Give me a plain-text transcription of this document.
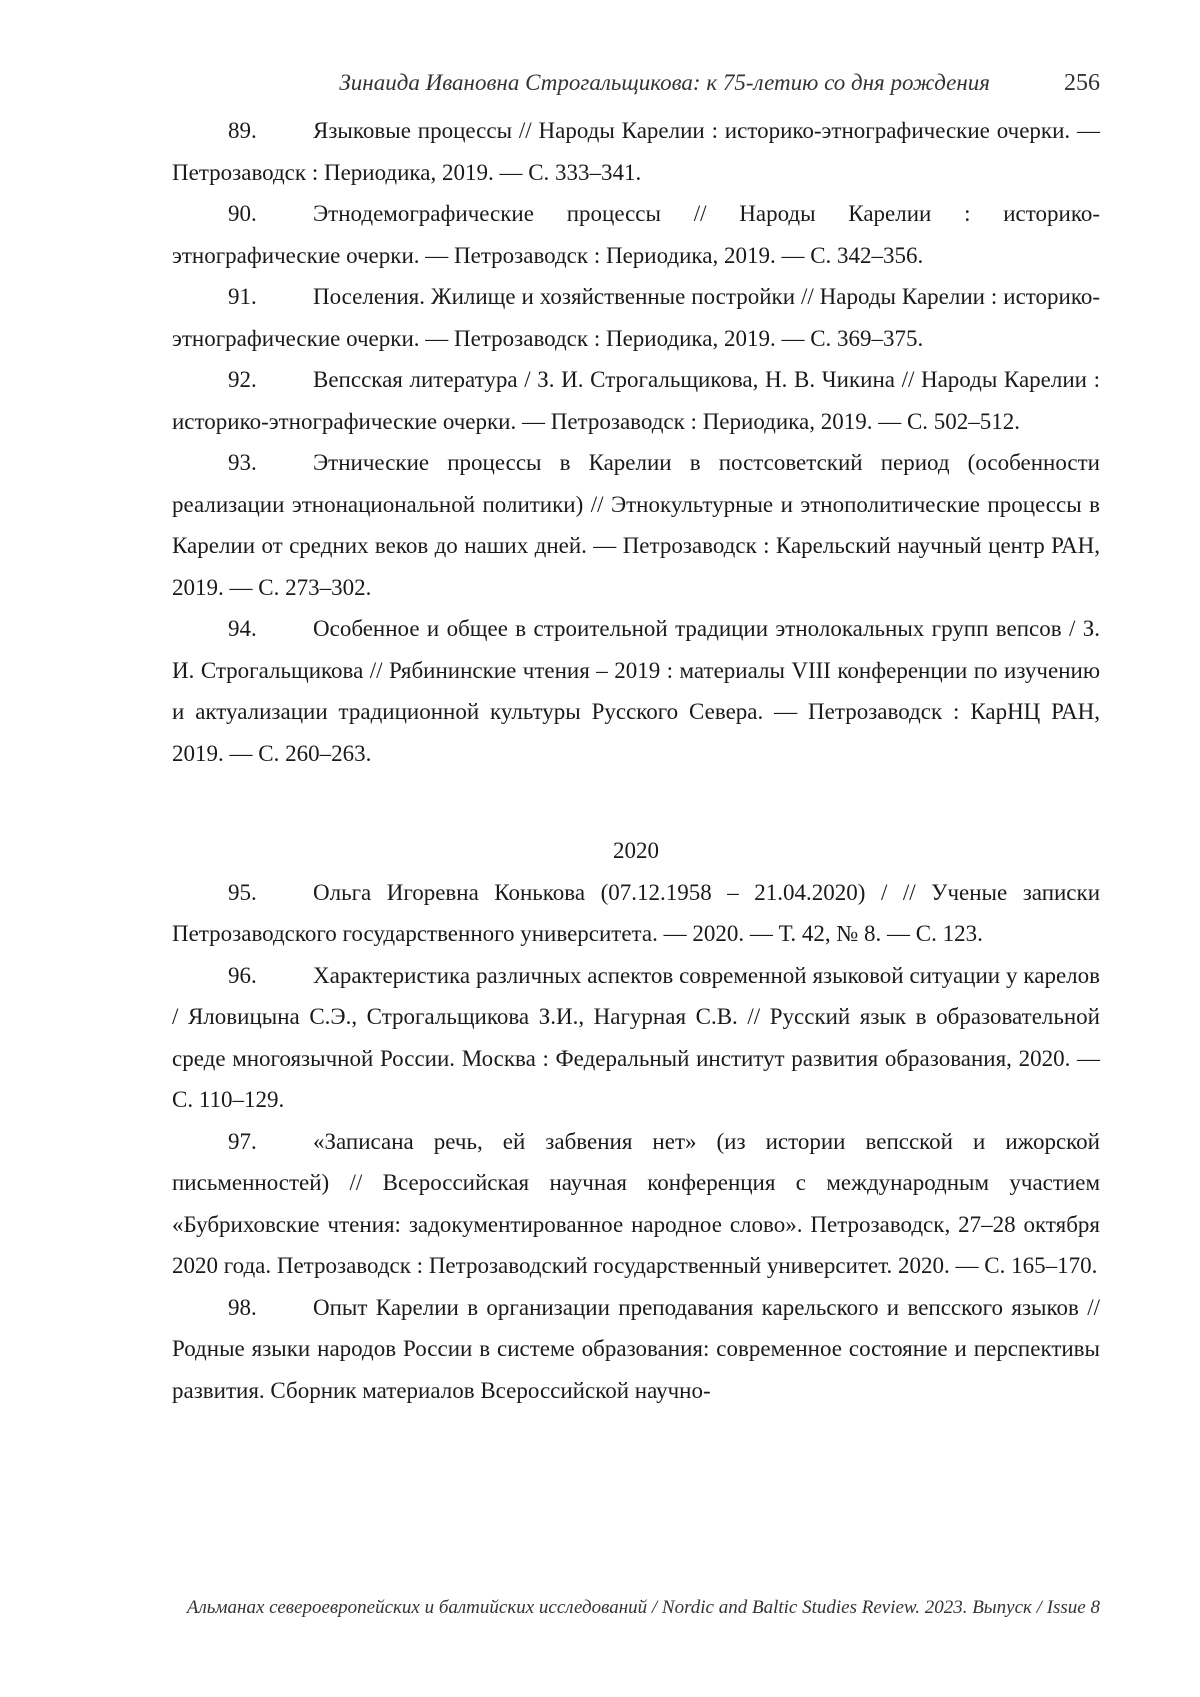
Зинаида Ивановна Строгальщикова: к 75-летию со дня рождения	256

89. Языковые процессы // Народы Карелии : историко-этнографические очерки. — Петрозаводск : Периодика, 2019. — С. 333–341.

90. Этнодемографические процессы // Народы Карелии : историко-этнографические очерки. — Петрозаводск : Периодика, 2019. — С. 342–356.

91. Поселения. Жилище и хозяйственные постройки // Народы Карелии : историко-этнографические очерки. — Петрозаводск : Периодика, 2019. — С. 369–375.

92. Вепсская литература / З. И. Строгальщикова, Н. В. Чикина // Народы Карелии : историко-этнографические очерки. — Петрозаводск : Периодика, 2019. — С. 502–512.

93. Этнические процессы в Карелии в постсоветский период (особенности реализации этнонациональной политики) // Этнокультурные и этнополитические процессы в Карелии от средних веков до наших дней. — Петрозаводск : Карельский научный центр РАН, 2019. — С. 273–302.

94. Особенное и общее в строительной традиции этнолокальных групп вепсов / З. И. Строгальщикова // Рябининские чтения – 2019 : материалы VIII конференции по изучению и актуализации традиционной культуры Русского Севера. — Петрозаводск : КарНЦ РАН, 2019. — С. 260–263.

2020

95. Ольга Игоревна Конькова (07.12.1958 – 21.04.2020) / // Ученые записки Петрозаводского государственного университета. — 2020. — Т. 42, № 8. — С. 123.

96. Характеристика различных аспектов современной языковой ситуации у карелов / Яловицына С.Э., Строгальщикова З.И., Нагурная С.В. // Русский язык в образовательной среде многоязычной России. Москва : Федеральный институт развития образования, 2020. — С. 110–129.

97. «Записана речь, ей забвения нет» (из истории вепсской и ижорской письменностей) // Всероссийская научная конференция с международным участием «Бубриховские чтения: задокументированное народное слово». Петрозаводск, 27–28 октября 2020 года. Петрозаводск : Петрозаводский государственный университет. 2020. — С. 165–170.

98. Опыт Карелии в организации преподавания карельского и вепсского языков // Родные языки народов России в системе образования: современное состояние и перспективы развития. Сборник материалов Всероссийской научно-

Альманах североевропейских и балтийских исследований / Nordic and Baltic Studies Review. 2023. Выпуск / Issue 8
